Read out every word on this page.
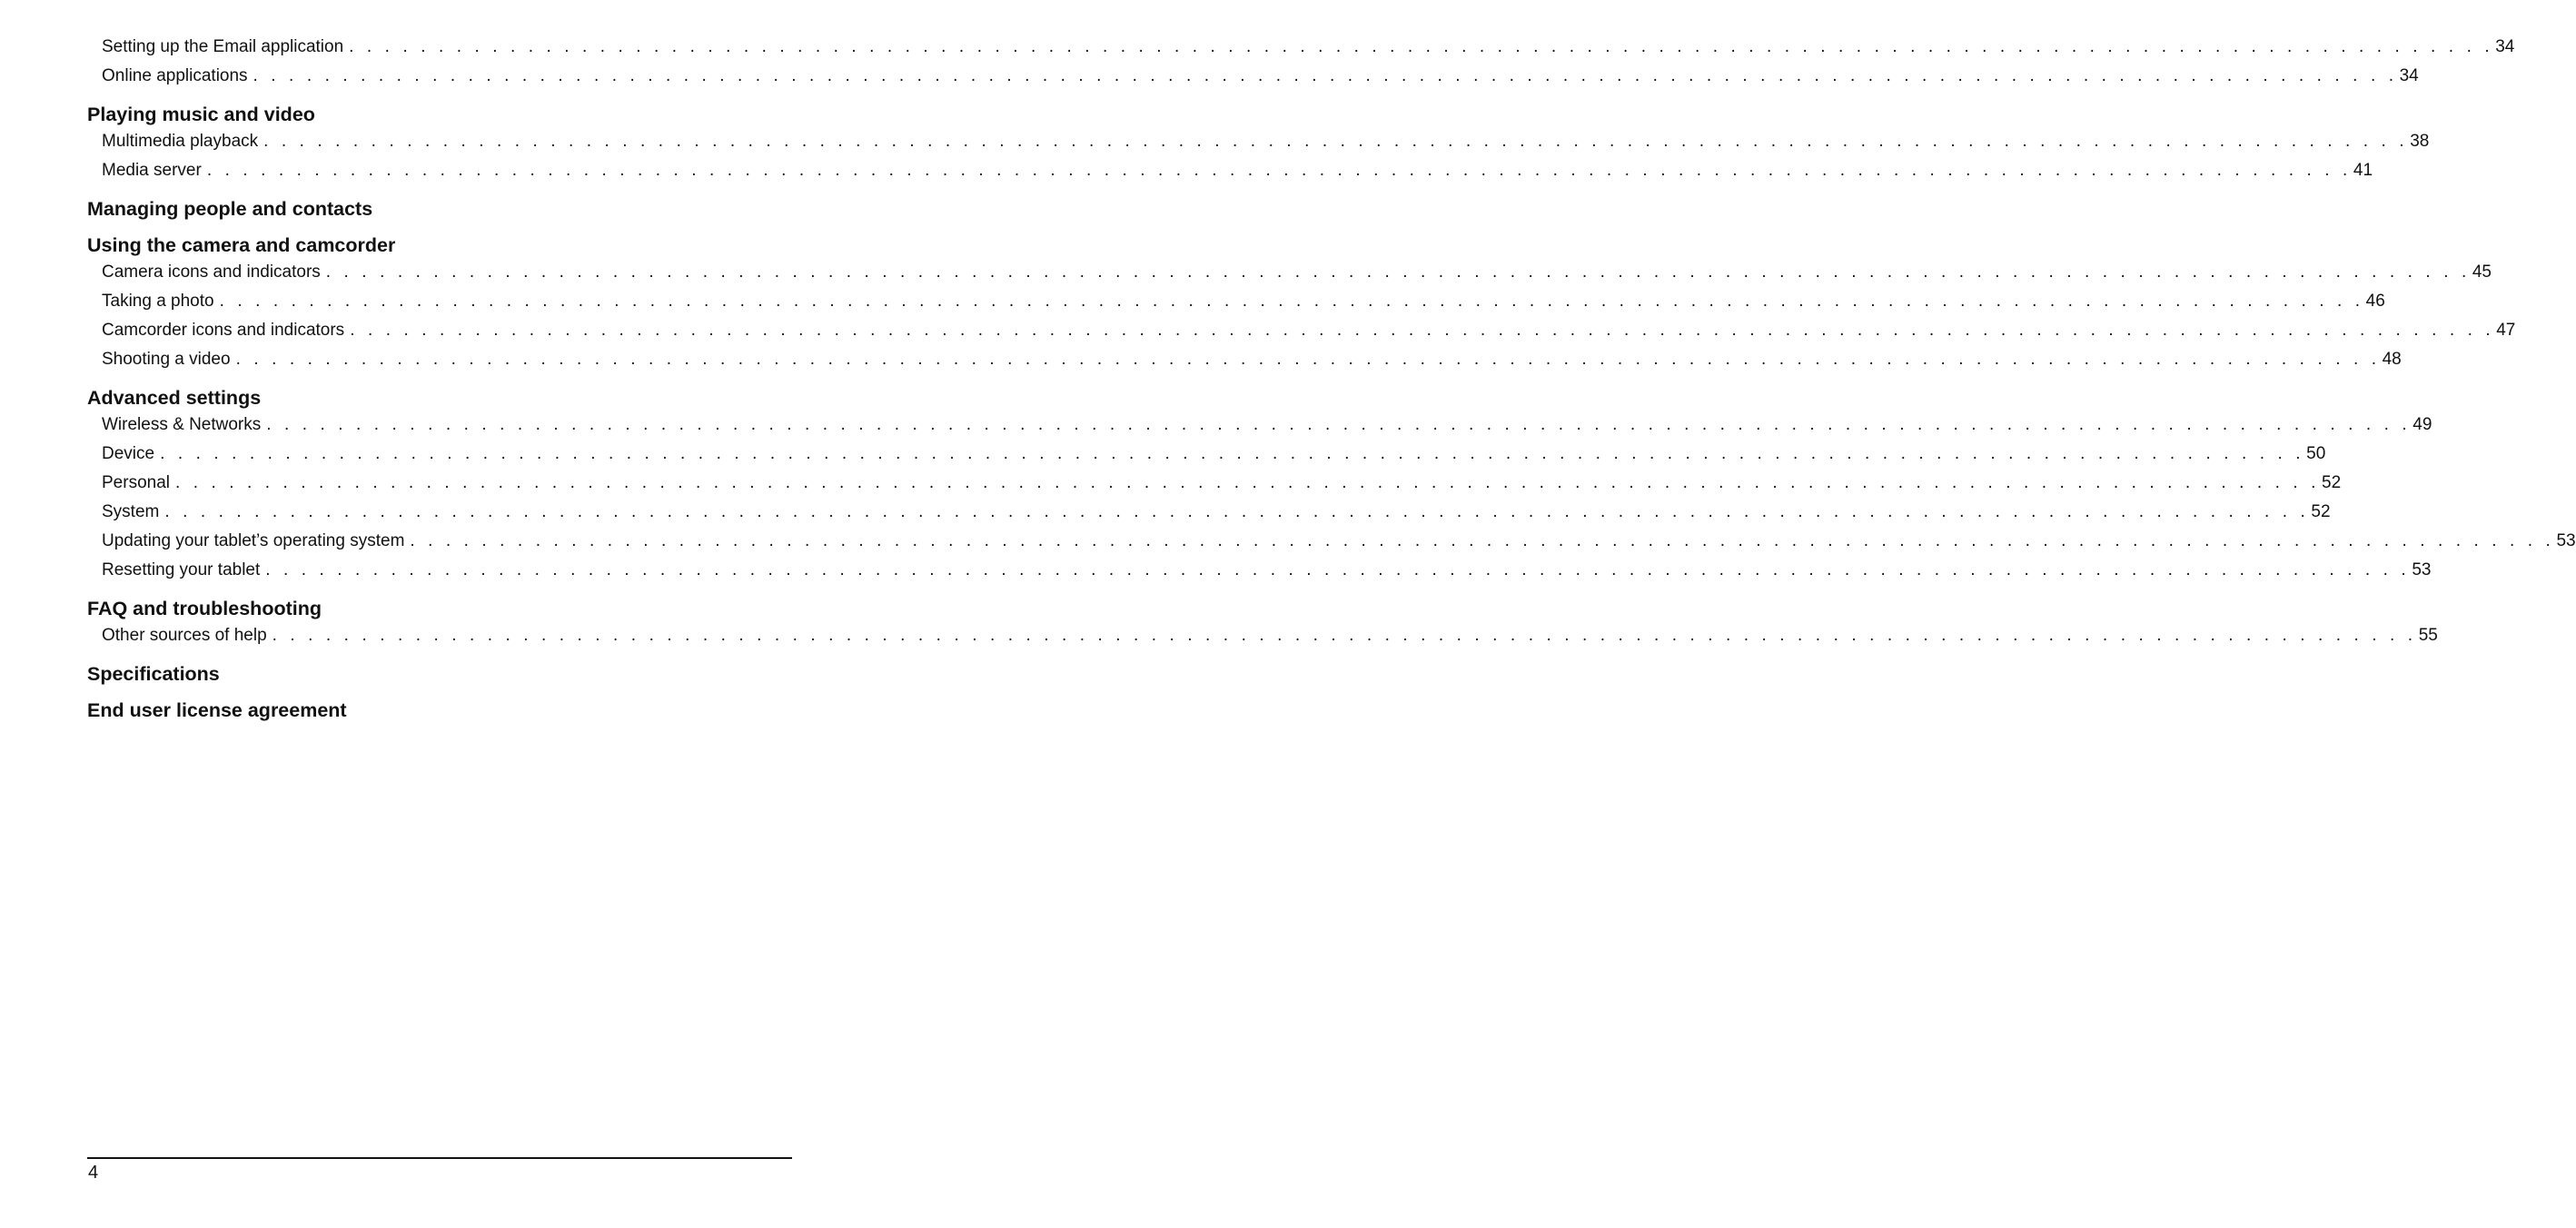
Setting up the Email application . . . . . . . . . . . . . . . . . . . . . . . . . . . . . . . . . . . . . . . . . . . . . . . . . . . . . . . . . . . . . . . . . . . . . . . . . . . . . . . . . . . . . . . . . . . . . . . . . . . . . . . . . . . . . . . . . . . . . . . . 34
Online applications . . . . . . . . . . . . . . . . . . . . . . . . . . . . . . . . . . . . . . . . . . . . . . . . . . . . . . . . . . . . . . . . . . . . . . . . . . . . . . . . . . . . . . . . . . . . . . . . . . . . . . . . . . . . . . . . . . . . . . . . 34
Playing music and video
Multimedia playback . . . . . . . . . . . . . . . . . . . . . . . . . . . . . . . . . . . . . . . . . . . . . . . . . . . . . . . . . . . . . . . . . . . . . . . . . . . . . . . . . . . . . . . . . . . . . . . . . . . . . . . . . . . . . . . . . . . . . . . . 38
Media server . . . . . . . . . . . . . . . . . . . . . . . . . . . . . . . . . . . . . . . . . . . . . . . . . . . . . . . . . . . . . . . . . . . . . . . . . . . . . . . . . . . . . . . . . . . . . . . . . . . . . . . . . . . . . . . . . . . . . . . . 41
Managing people and contacts
Using the camera and camcorder
Camera icons and indicators . . . . . . . . . . . . . . . . . . . . . . . . . . . . . . . . . . . . . . . . . . . . . . . . . . . . . . . . . . . . . . . . . . . . . . . . . . . . . . . . . . . . . . . . . . . . . . . . . . . . . . . . . . . . . . . . . . . . . . . . 45
Taking a photo . . . . . . . . . . . . . . . . . . . . . . . . . . . . . . . . . . . . . . . . . . . . . . . . . . . . . . . . . . . . . . . . . . . . . . . . . . . . . . . . . . . . . . . . . . . . . . . . . . . . . . . . . . . . . . . . . . . . . . . . 46
Camcorder icons and indicators . . . . . . . . . . . . . . . . . . . . . . . . . . . . . . . . . . . . . . . . . . . . . . . . . . . . . . . . . . . . . . . . . . . . . . . . . . . . . . . . . . . . . . . . . . . . . . . . . . . . . . . . . . . . . . . . . . . . . . . . 47
Shooting a video . . . . . . . . . . . . . . . . . . . . . . . . . . . . . . . . . . . . . . . . . . . . . . . . . . . . . . . . . . . . . . . . . . . . . . . . . . . . . . . . . . . . . . . . . . . . . . . . . . . . . . . . . . . . . . . . . . . . . . . . 48
Advanced settings
Wireless & Networks . . . . . . . . . . . . . . . . . . . . . . . . . . . . . . . . . . . . . . . . . . . . . . . . . . . . . . . . . . . . . . . . . . . . . . . . . . . . . . . . . . . . . . . . . . . . . . . . . . . . . . . . . . . . . . . . . . . . . . . . 49
Device . . . . . . . . . . . . . . . . . . . . . . . . . . . . . . . . . . . . . . . . . . . . . . . . . . . . . . . . . . . . . . . . . . . . . . . . . . . . . . . . . . . . . . . . . . . . . . . . . . . . . . . . . . . . . . . . . . . . . . . . 50
Personal . . . . . . . . . . . . . . . . . . . . . . . . . . . . . . . . . . . . . . . . . . . . . . . . . . . . . . . . . . . . . . . . . . . . . . . . . . . . . . . . . . . . . . . . . . . . . . . . . . . . . . . . . . . . . . . . . . . . . . . . 52
System . . . . . . . . . . . . . . . . . . . . . . . . . . . . . . . . . . . . . . . . . . . . . . . . . . . . . . . . . . . . . . . . . . . . . . . . . . . . . . . . . . . . . . . . . . . . . . . . . . . . . . . . . . . . . . . . . . . . . . . . 52
Updating your tablet’s operating system . . . . . . . . . . . . . . . . . . . . . . . . . . . . . . . . . . . . . . . . . . . . . . . . . . . . . . . . . . . . . . . . . . . . . . . . . . . . . . . . . . . . . . . . . . . . . . . . . . . . . . . . . . . . . . . . . . . . . . . . 53
Resetting your tablet . . . . . . . . . . . . . . . . . . . . . . . . . . . . . . . . . . . . . . . . . . . . . . . . . . . . . . . . . . . . . . . . . . . . . . . . . . . . . . . . . . . . . . . . . . . . . . . . . . . . . . . . . . . . . . . . . . . . . . . . 53
FAQ and troubleshooting
Other sources of help . . . . . . . . . . . . . . . . . . . . . . . . . . . . . . . . . . . . . . . . . . . . . . . . . . . . . . . . . . . . . . . . . . . . . . . . . . . . . . . . . . . . . . . . . . . . . . . . . . . . . . . . . . . . . . . . . . . . . . . . 55
Specifications
End user license agreement
4
